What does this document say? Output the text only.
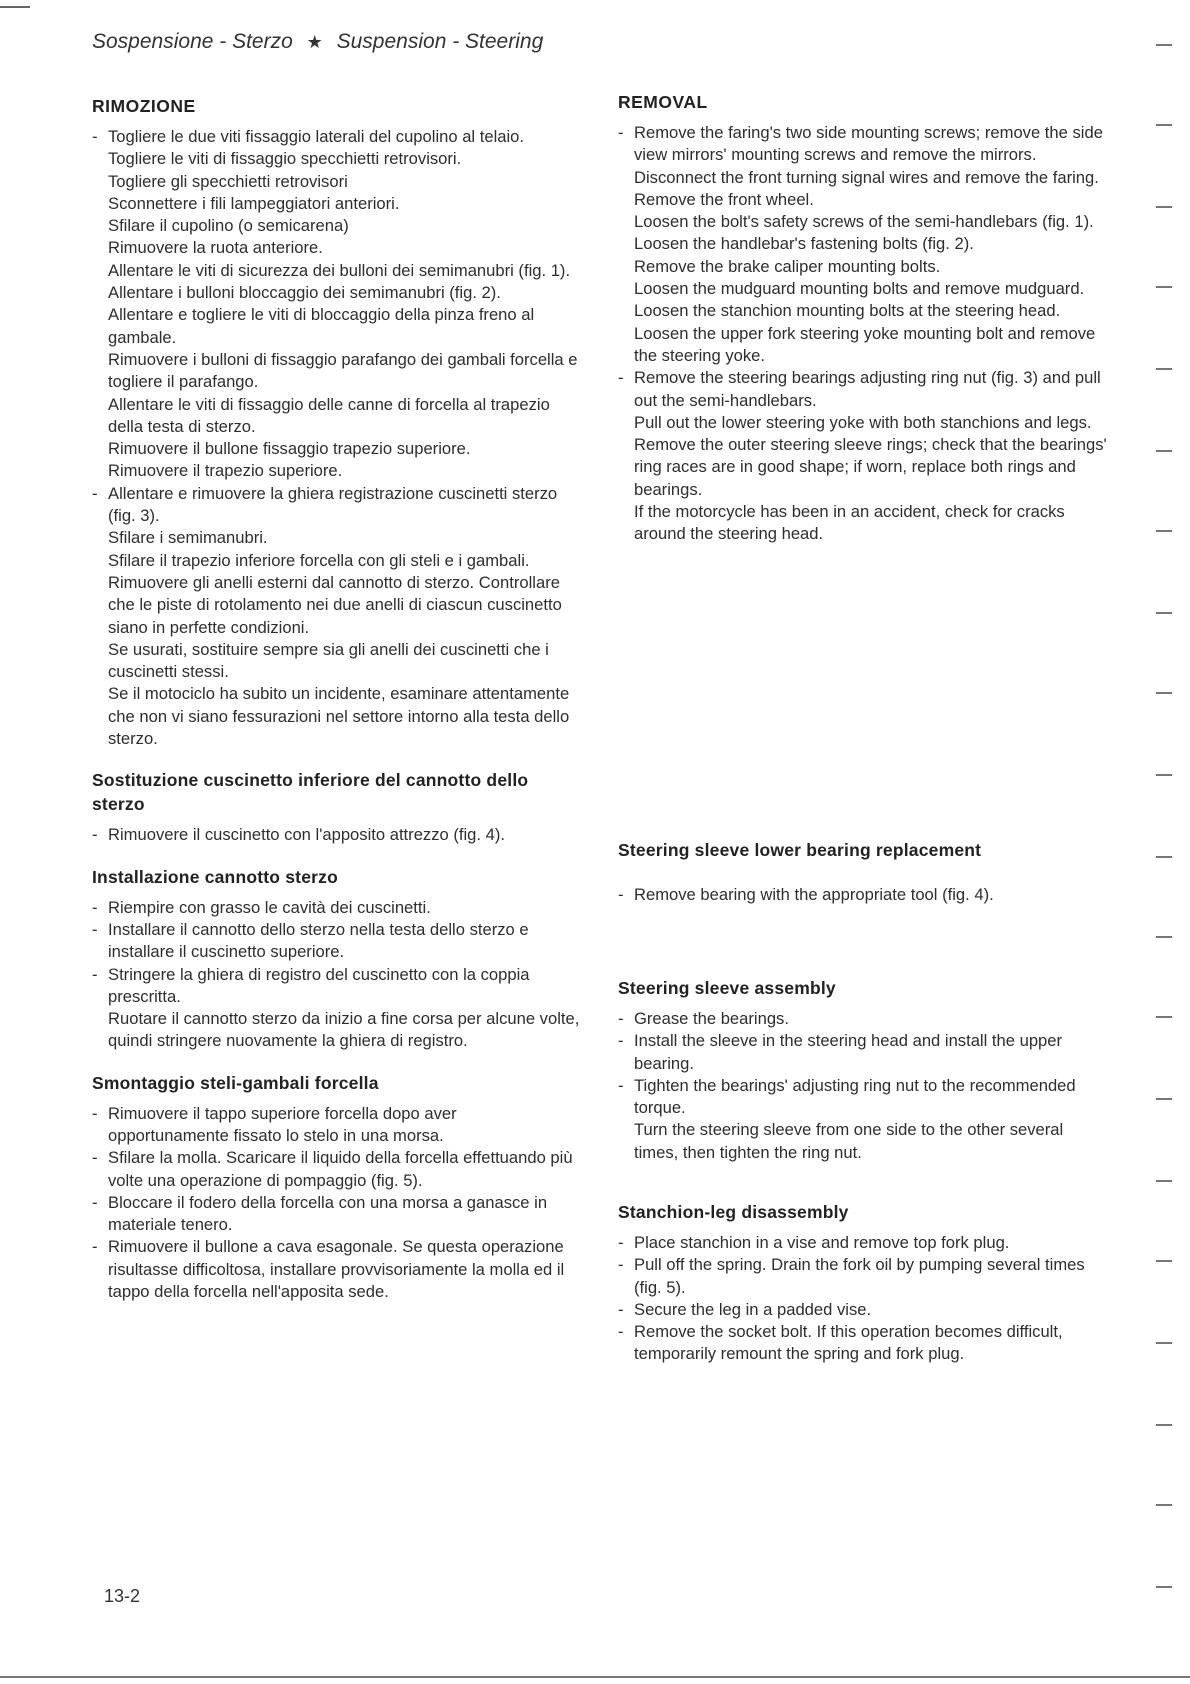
Sospensione - Sterzo ★ Suspension - Steering
RIMOZIONE
- Togliere le due viti fissaggio laterali del cupolino al telaio. Togliere le viti di fissaggio specchietti retrovisori.
Togliere gli specchietti retrovisori
Sconnettere i fili lampeggiatori anteriori.
Sfilare il cupolino (o semicarena)
Rimuovere la ruota anteriore.
Allentare le viti di sicurezza dei bulloni dei semimanubri (fig. 1).
Allentare i bulloni bloccaggio dei semimanubri (fig. 2).
Allentare e togliere le viti di bloccaggio della pinza freno al gambale.
Rimuovere i bulloni di fissaggio parafango dei gambali forcella e togliere il parafango.
Allentare le viti di fissaggio delle canne di forcella al trapezio della testa di sterzo.
Rimuovere il bullone fissaggio trapezio superiore.
Rimuovere il trapezio superiore.
- Allentare e rimuovere la ghiera registrazione cuscinetti sterzo (fig. 3).
Sfilare i semimanubri.
Sfilare il trapezio inferiore forcella con gli steli e i gambali.
Rimuovere gli anelli esterni dal cannotto di sterzo. Controllare che le piste di rotolamento nei due anelli di ciascun cuscinetto siano in perfette condizioni.
Se usurati, sostituire sempre sia gli anelli dei cuscinetti che i cuscinetti stessi.
Se il motociclo ha subito un incidente, esaminare attentamente che non vi siano fessurazioni nel settore intorno alla testa dello sterzo.
Sostituzione cuscinetto inferiore del cannotto dello sterzo
- Rimuovere il cuscinetto con l'apposito attrezzo (fig. 4).
Installazione cannotto sterzo
- Riempire con grasso le cavità dei cuscinetti.
- Installare il cannotto dello sterzo nella testa dello sterzo e installare il cuscinetto superiore.
- Stringere la ghiera di registro del cuscinetto con la coppia prescritta.
Ruotare il cannotto sterzo da inizio a fine corsa per alcune volte, quindi stringere nuovamente la ghiera di registro.
Smontaggio steli-gambali forcella
- Rimuovere il tappo superiore forcella dopo aver opportunamente fissato lo stelo in una morsa.
- Sfilare la molla. Scaricare il liquido della forcella effettuando più volte una operazione di pompaggio (fig. 5).
- Bloccare il fodero della forcella con una morsa a ganasce in materiale tenero.
- Rimuovere il bullone a cava esagonale. Se questa operazione risultasse difficoltosa, installare provvisoriamente la molla ed il tappo della forcella nell'apposita sede.
REMOVAL
- Remove the faring's two side mounting screws; remove the side view mirrors' mounting screws and remove the mirrors.
Disconnect the front turning signal wires and remove the faring.
Remove the front wheel.
Loosen the bolt's safety screws of the semi-handlebars (fig. 1).
Loosen the handlebar's fastening bolts (fig. 2).
Remove the brake caliper mounting bolts.
Loosen the mudguard mounting bolts and remove mudguard.
Loosen the stanchion mounting bolts at the steering head.
Loosen the upper fork steering yoke mounting bolt and remove the steering yoke.
- Remove the steering bearings adjusting ring nut (fig. 3) and pull out the semi-handlebars.
Pull out the lower steering yoke with both stanchions and legs.
Remove the outer steering sleeve rings; check that the bearings' ring races are in good shape; if worn, replace both rings and bearings.
If the motorcycle has been in an accident, check for cracks around the steering head.
Steering sleeve lower bearing replacement
- Remove bearing with the appropriate tool (fig. 4).
Steering sleeve assembly
- Grease the bearings.
- Install the sleeve in the steering head and install the upper bearing.
- Tighten the bearings' adjusting ring nut to the recommended torque.
Turn the steering sleeve from one side to the other several times, then tighten the ring nut.
Stanchion-leg disassembly
- Place stanchion in a vise and remove top fork plug.
- Pull off the spring. Drain the fork oil by pumping several times (fig. 5).
- Secure the leg in a padded vise.
- Remove the socket bolt. If this operation becomes difficult, temporarily remount the spring and fork plug.
13-2
